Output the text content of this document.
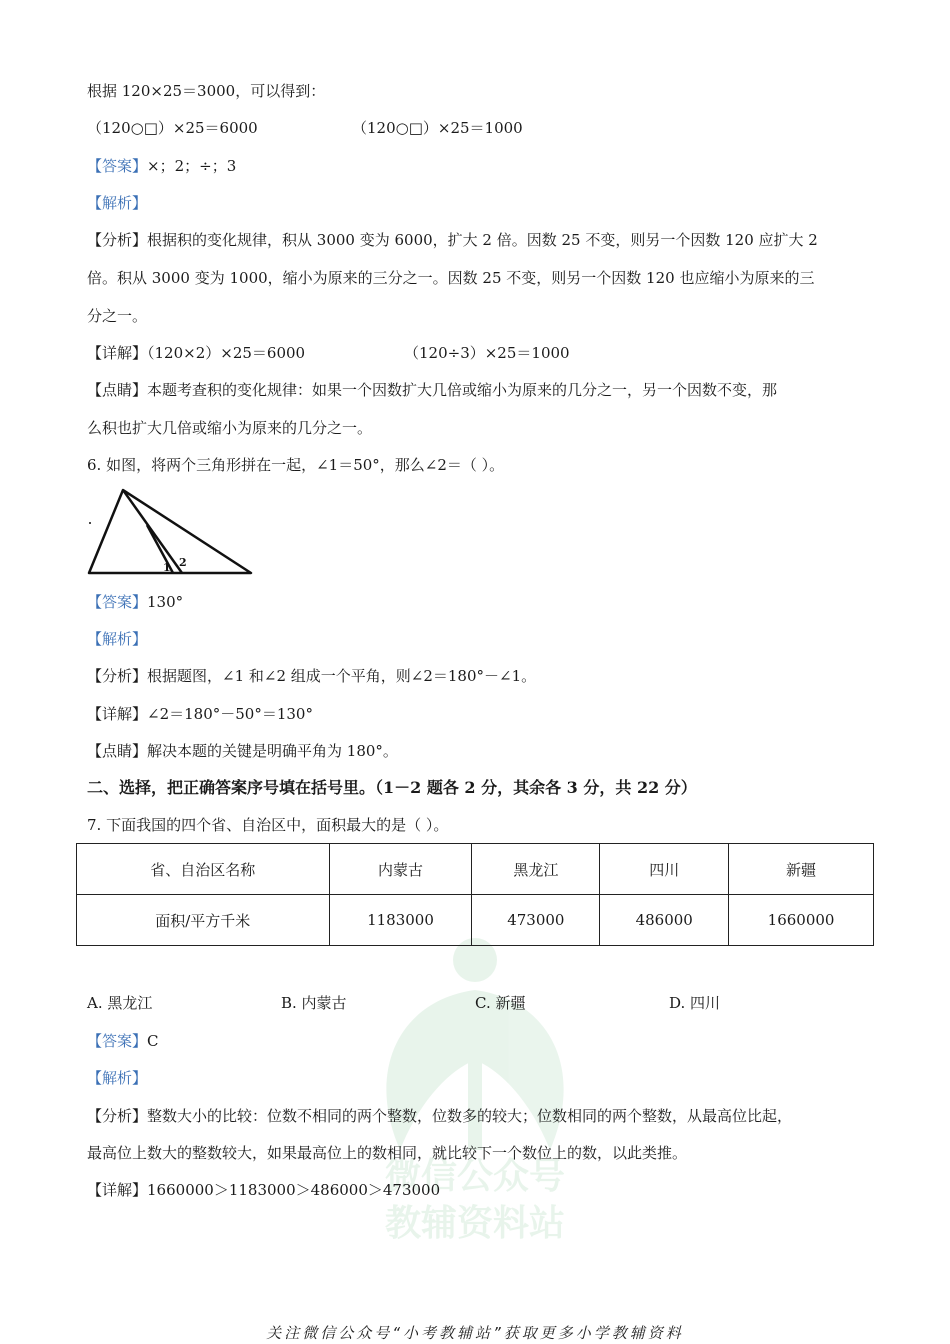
微信公众号
教辅资料站
根据 120×25＝3000，可以得到：
（120○□）×25＝6000	（120○□）×25＝1000
【答案】×；2；÷；3
【解析】
【分析】根据积的变化规律，积从 3000 变为 6000，扩大 2 倍。因数 25 不变，则另一个因数 120 应扩大 2
倍。积从 3000 变为 1000，缩小为原来的三分之一。因数 25 不变，则另一个因数 120 也应缩小为原来的三
分之一。
【详解】（120×2）×25＝6000	（120÷3）×25＝1000
【点睛】本题考查积的变化规律：如果一个因数扩大几倍或缩小为原来的几分之一，另一个因数不变，那
么积也扩大几倍或缩小为原来的几分之一。
6. 如图，将两个三角形拼在一起，∠1＝50°，那么∠2＝（ ）。
1 2
【答案】130°
【解析】
【分析】根据题图，∠1 和∠2 组成一个平角，则∠2＝180°－∠1。
【详解】∠2＝180°－50°＝130°
【点睛】解决本题的关键是明确平角为 180°。
二、选择，把正确答案序号填在括号里。（1－2 题各 2 分，其余各 3 分，共 22 分）
7. 下面我国的四个省、自治区中，面积最大的是（ ）。
省、自治区名称	内蒙古	黑龙江	四川	新疆
面积/平方千米	1183000	473000	486000	1660000
A. 黑龙江	B. 内蒙古	C. 新疆	D. 四川
【答案】C
【解析】
【分析】整数大小的比较：位数不相同的两个整数，位数多的较大；位数相同的两个整数，从最高位比起，
最高位上数大的整数较大，如果最高位上的数相同，就比较下一个数位上的数，以此类推。
【详解】1660000＞1183000＞486000＞473000
关注微信公众号“小考教辅站”获取更多小学教辅资料
